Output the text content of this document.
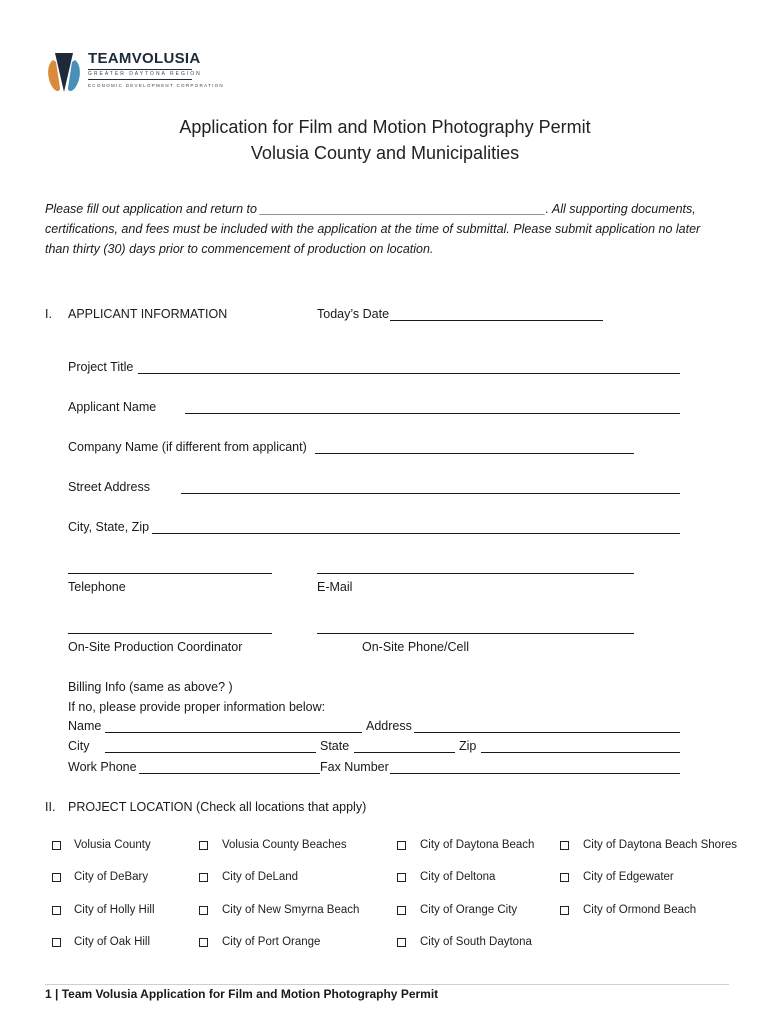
TEAMVOLUSIA
GREATER DAYTONA REGION
ECONOMIC DEVELOPMENT CORPORATION
Application for Film and Motion Photography Permit
Volusia County and Municipalities
Please fill out application and return to _________________________________________. All supporting documents,
certifications, and fees must be included with the application at the time of submittal. Please submit application no later
than thirty (30) days prior to commencement of production on location.
I. APPLICANT INFORMATION	Today’s Date
Project Title
Applicant Name
Company Name (if different from applicant)
Street Address
City, State, Zip
Telephone	E-Mail
On-Site Production Coordinator	On-Site Phone/Cell
Billing Info (same as above? )
If no, please provide proper information below:
Name	Address
City	State	Zip
Work Phone	Fax Number
II. PROJECT LOCATION (Check all locations that apply)
Volusia County	Volusia County Beaches	City of Daytona Beach	City of Daytona Beach Shores
City of DeBary	City of DeLand	City of Deltona	City of Edgewater
City of Holly Hill	City of New Smyrna Beach	City of Orange City	City of Ormond Beach
City of Oak Hill	City of Port Orange	City of South Daytona
1 | Team Volusia Application for Film and Motion Photography Permit
